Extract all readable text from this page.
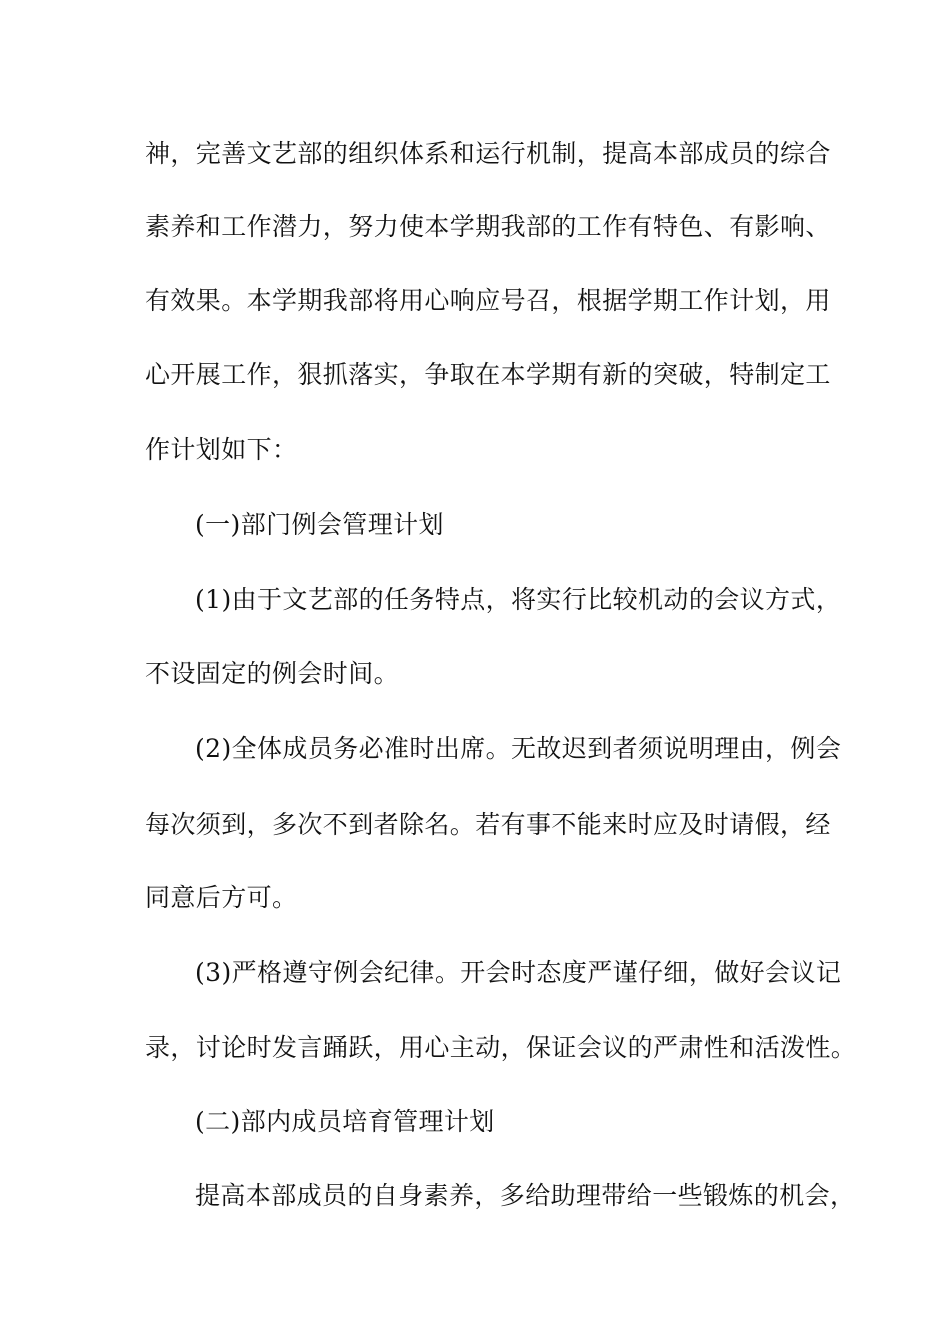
神，完善文艺部的组织体系和运行机制，提高本部成员的综合
素养和工作潜力，努力使本学期我部的工作有特色、有影响、
有效果。本学期我部将用心响应号召，根据学期工作计划，用
心开展工作，狠抓落实，争取在本学期有新的突破，特制定工
作计划如下：
(一)部门例会管理计划
(1)由于文艺部的任务特点，将实行比较机动的会议方式，
不设固定的例会时间。
(2)全体成员务必准时出席。无故迟到者须说明理由，例会
每次须到，多次不到者除名。若有事不能来时应及时请假，经
同意后方可。
(3)严格遵守例会纪律。开会时态度严谨仔细，做好会议记
录，讨论时发言踊跃，用心主动，保证会议的严肃性和活泼性。
(二)部内成员培育管理计划
提高本部成员的自身素养，多给助理带给一些锻炼的机会，
